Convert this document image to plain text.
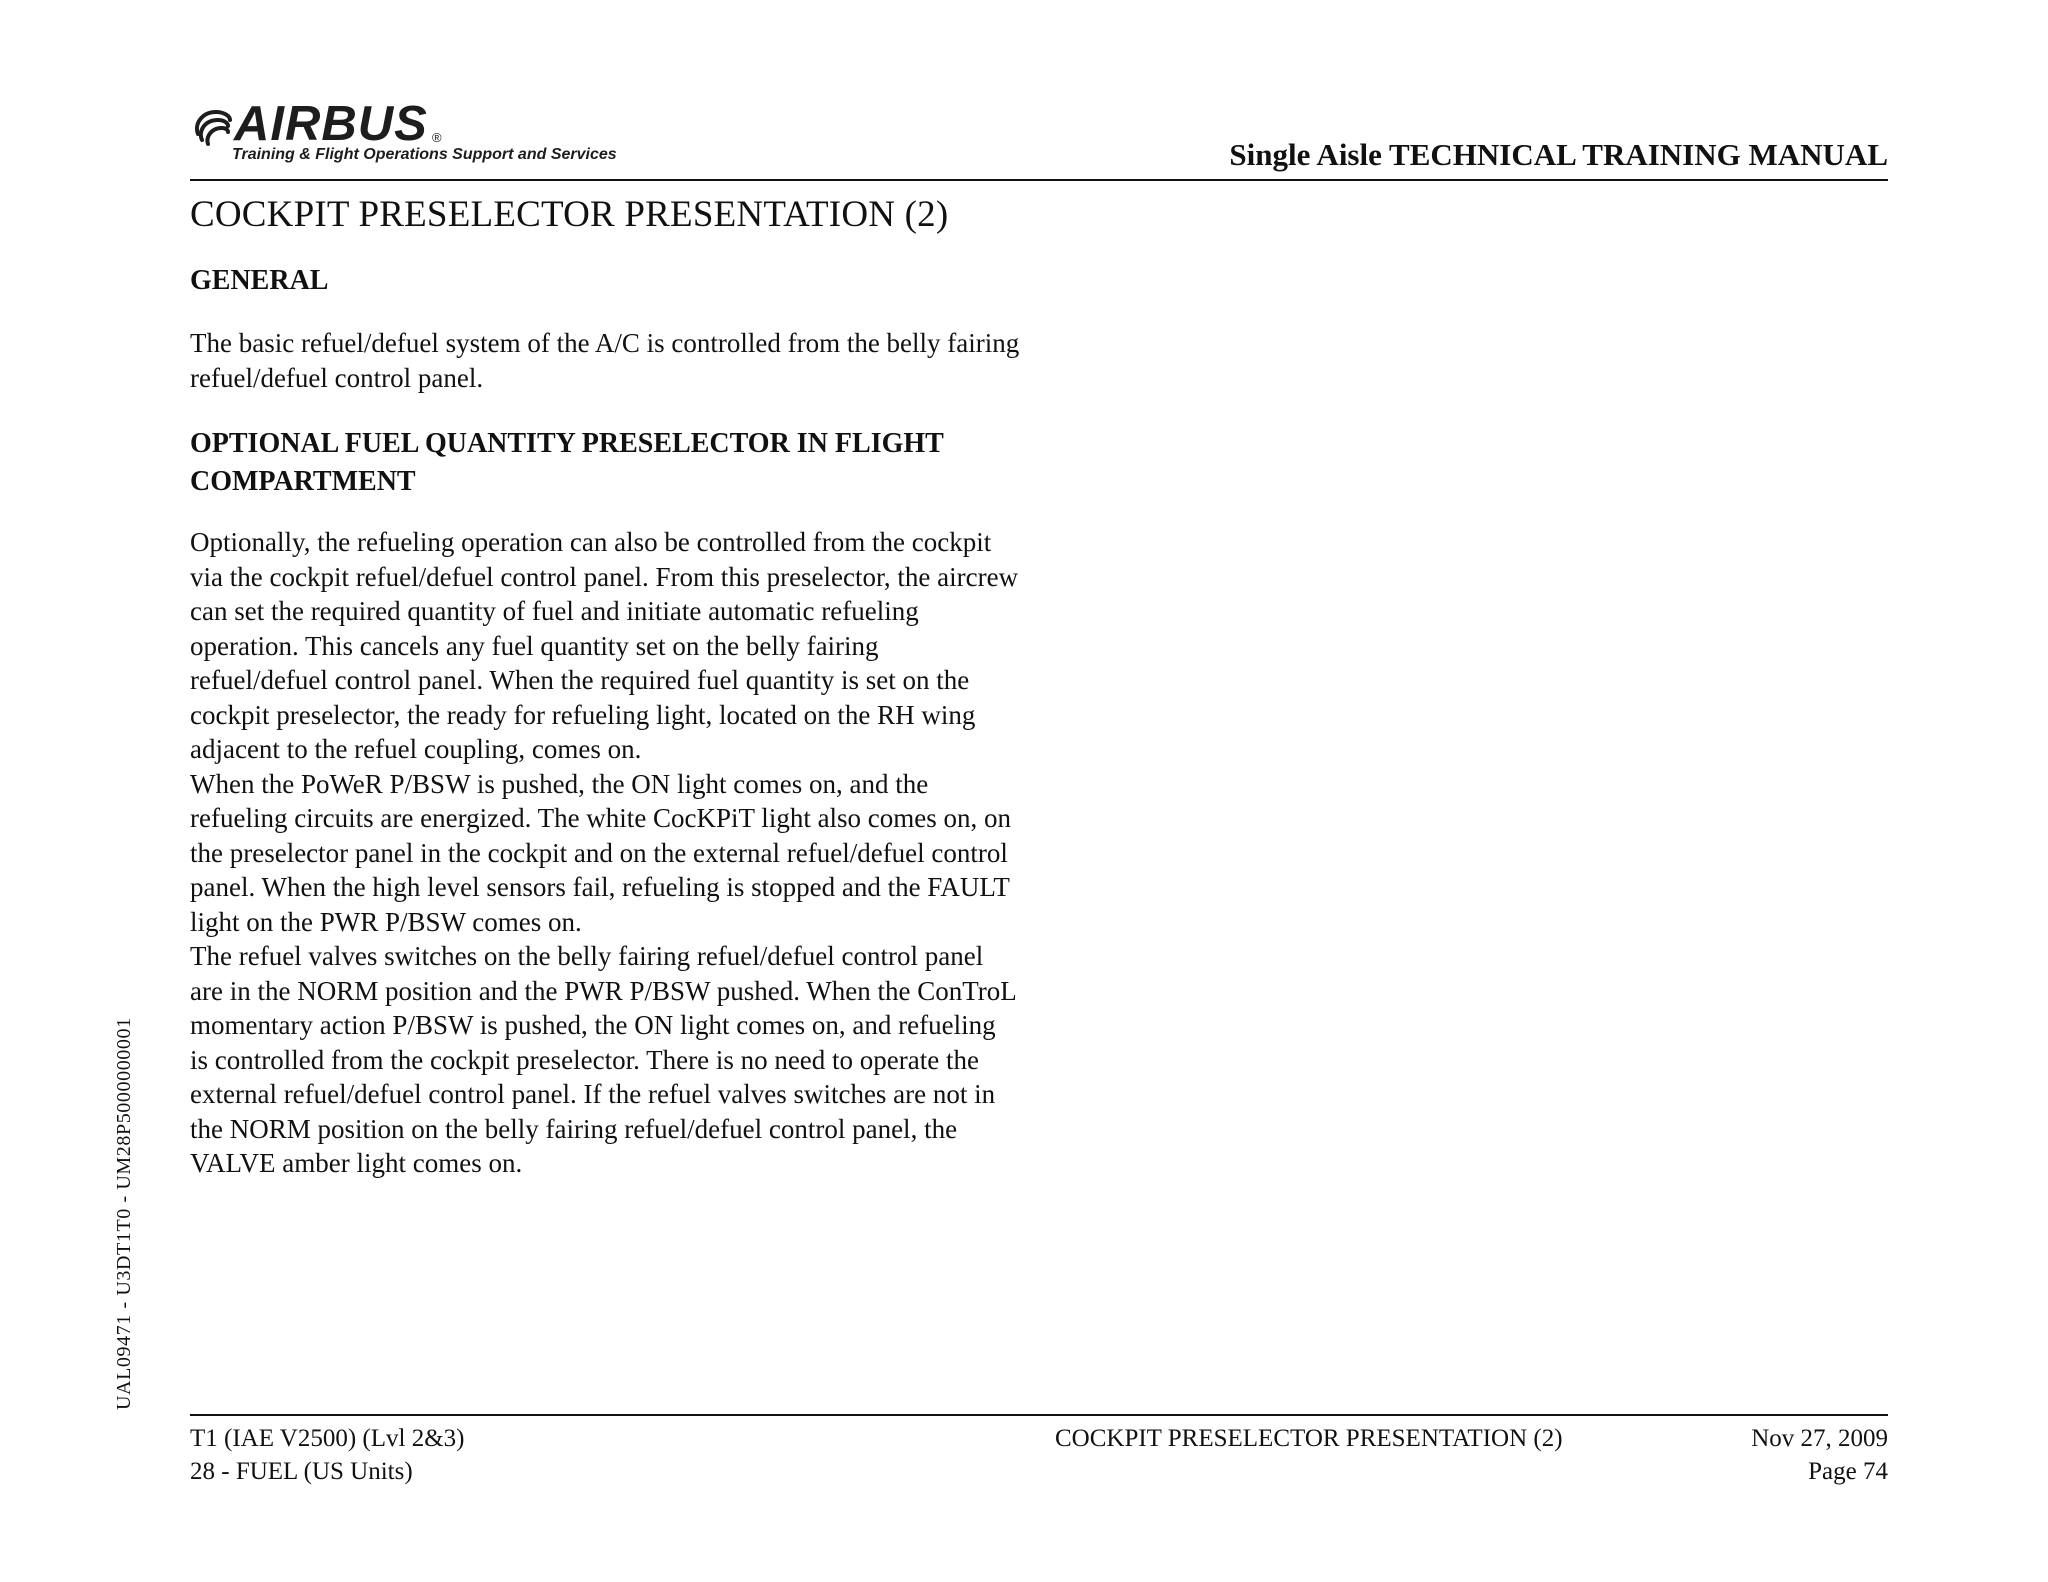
AIRBUS ®
Training & Flight Operations Support and Services	Single Aisle TECHNICAL TRAINING MANUAL
COCKPIT PRESELECTOR PRESENTATION (2)
GENERAL

The basic refuel/defuel system of the A/C is controlled from the belly fairing refuel/defuel control panel.

OPTIONAL FUEL QUANTITY PRESELECTOR IN FLIGHT COMPARTMENT

Optionally, the refueling operation can also be controlled from the cockpit via the cockpit refuel/defuel control panel. From this preselector, the aircrew can set the required quantity of fuel and initiate automatic refueling operation. This cancels any fuel quantity set on the belly fairing refuel/defuel control panel. When the required fuel quantity is set on the cockpit preselector, the ready for refueling light, located on the RH wing adjacent to the refuel coupling, comes on.

When the PoWeR P/BSW is pushed, the ON light comes on, and the refueling circuits are energized. The white CocKPiT light also comes on, on the preselector panel in the cockpit and on the external refuel/defuel control panel. When the high level sensors fail, refueling is stopped and the FAULT light on the PWR P/BSW comes on.

The refuel valves switches on the belly fairing refuel/defuel control panel are in the NORM position and the PWR P/BSW pushed. When the ConTroL momentary action P/BSW is pushed, the ON light comes on, and refueling is controlled from the cockpit preselector. There is no need to operate the external refuel/defuel control panel. If the refuel valves switches are not in the NORM position on the belly fairing refuel/defuel control panel, the VALVE amber light comes on.

UAL09471 - U3DT1T0 - UM28P5000000001
T1 (IAE V2500) (Lvl 2&3)
28 - FUEL (US Units)
COCKPIT PRESELECTOR PRESENTATION (2)	Nov 27, 2009
Page 74
